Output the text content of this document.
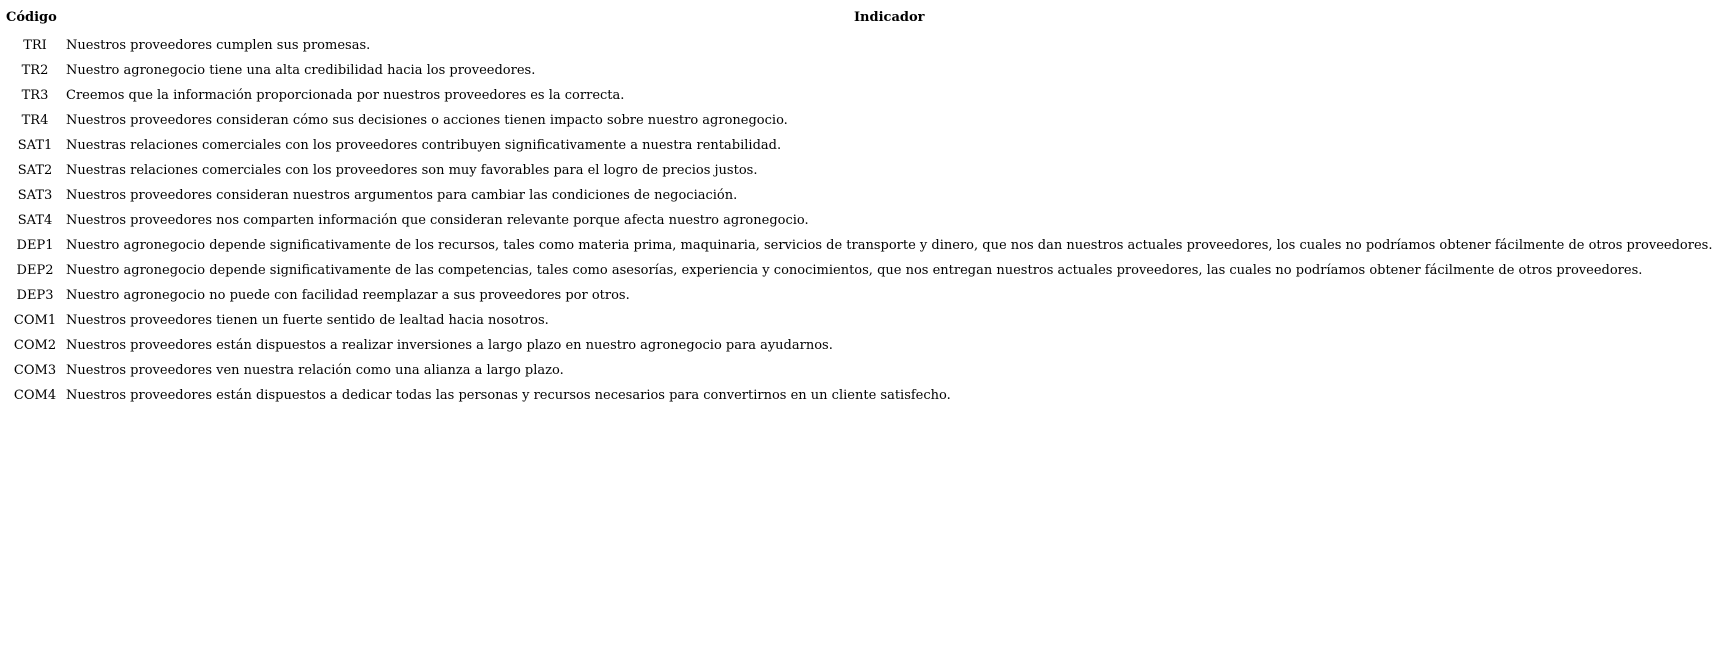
Código	Indicador
TRI	Nuestros proveedores cumplen sus promesas.
TR2	Nuestro agronegocio tiene una alta credibilidad hacia los proveedores.
TR3	Creemos que la información proporcionada por nuestros proveedores es la correcta.
TR4	Nuestros proveedores consideran cómo sus decisiones o acciones tienen impacto sobre nuestro agronegocio.
SAT1	Nuestras relaciones comerciales con los proveedores contribuyen significativamente a nuestra rentabilidad.
SAT2	Nuestras relaciones comerciales con los proveedores son muy favorables para el logro de precios justos.
SAT3	Nuestros proveedores consideran nuestros argumentos para cambiar las condiciones de negociación.
SAT4	Nuestros proveedores nos comparten información que consideran relevante porque afecta nuestro agronegocio.
DEP1	Nuestro agronegocio depende significativamente de los recursos, tales como materia prima, maquinaria, servicios de transporte y dinero, que nos dan nuestros actuales proveedores, los cuales no podríamos obtener fácilmente de otros proveedores.
DEP2	Nuestro agronegocio depende significativamente de las competencias, tales como asesorías, experiencia y conocimientos, que nos entregan nuestros actuales proveedores, las cuales no podríamos obtener fácilmente de otros proveedores.
DEP3	Nuestro agronegocio no puede con facilidad reemplazar a sus proveedores por otros.
COM1	Nuestros proveedores tienen un fuerte sentido de lealtad hacia nosotros.
COM2	Nuestros proveedores están dispuestos a realizar inversiones a largo plazo en nuestro agronegocio para ayudarnos.
COM3	Nuestros proveedores ven nuestra relación como una alianza a largo plazo.
COM4	Nuestros proveedores están dispuestos a dedicar todas las personas y recursos necesarios para convertirnos en un cliente satisfecho.
